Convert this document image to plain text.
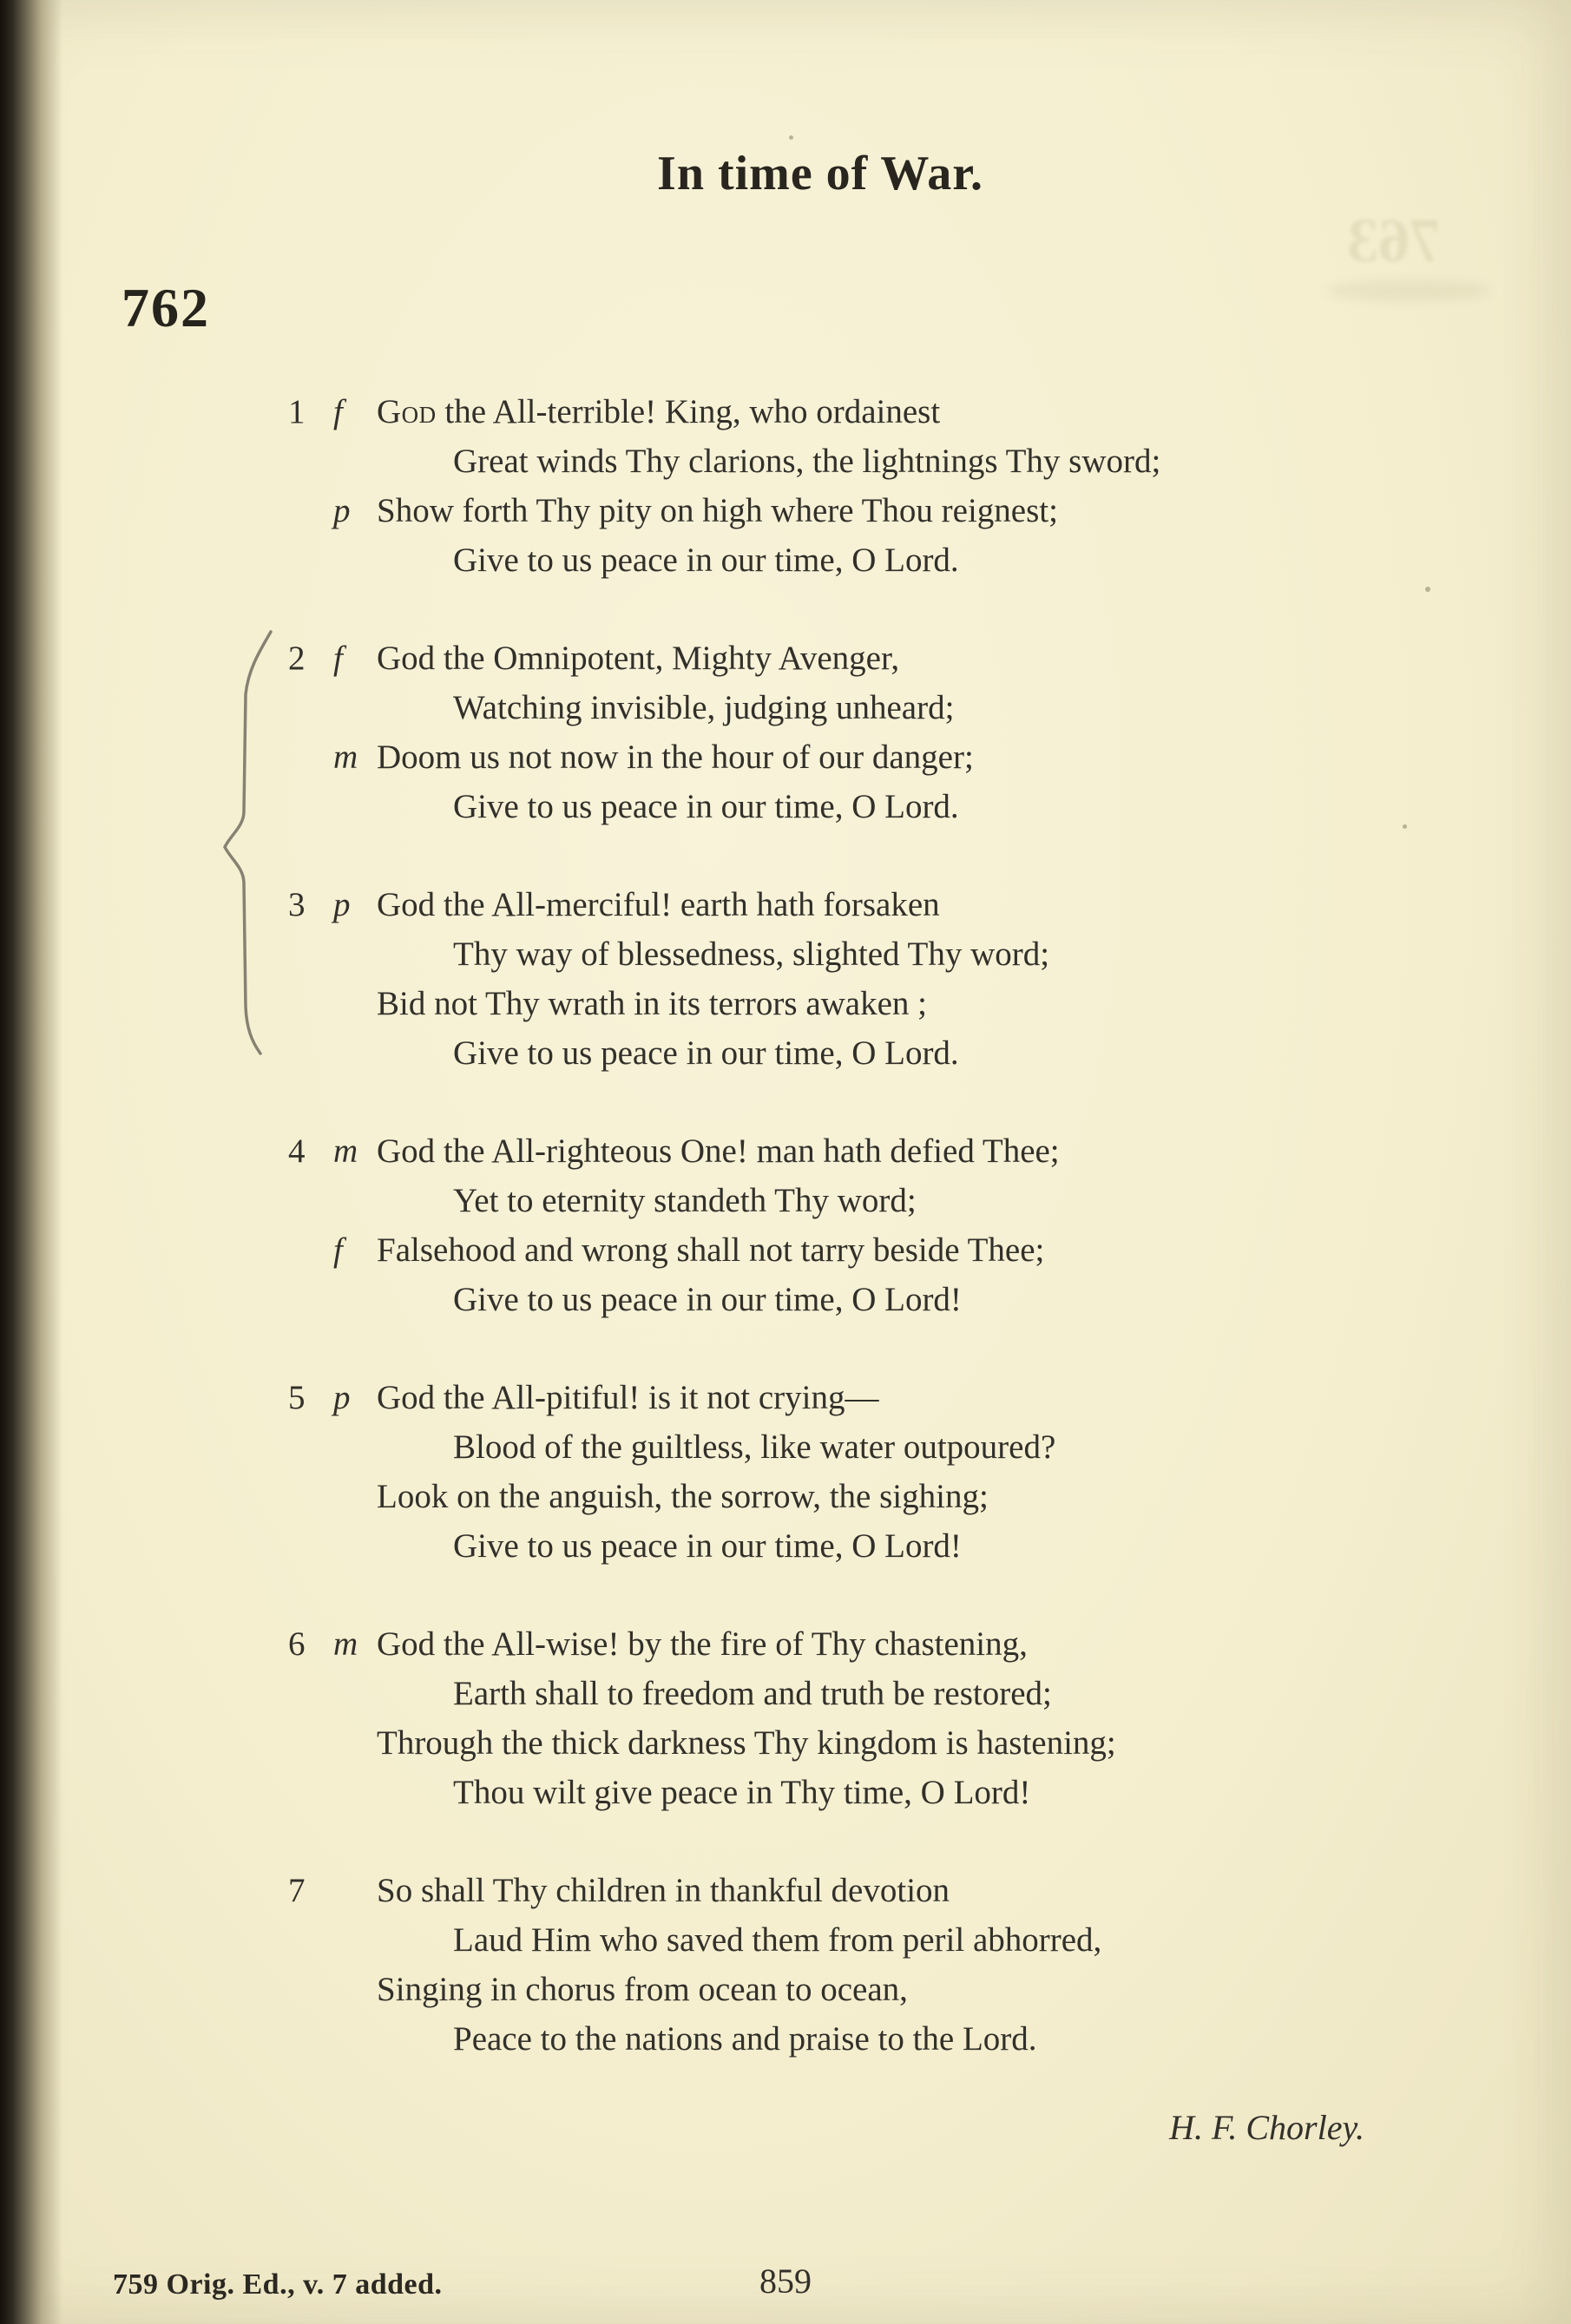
763
In time of War.
762
1 f	God the All-terrible! King, who ordainest
Great winds Thy clarions, the lightnings Thy sword;
p Show forth Thy pity on high where Thou reignest;
Give to us peace in our time, O Lord.
2 f	God the Omnipotent, Mighty Avenger,
Watching invisible, judging unheard;
m Doom us not now in the hour of our danger;
Give to us peace in our time, O Lord.
3 p God the All-merciful! earth hath forsaken
Thy way of blessedness, slighted Thy word;
Bid not Thy wrath in its terrors awaken ;
Give to us peace in our time, O Lord.
4 m God the All-righteous One! man hath defied Thee;
Yet to eternity standeth Thy word;
f	Falsehood and wrong shall not tarry beside Thee;
Give to us peace in our time, O Lord!
5 p God the All-pitiful! is it not crying—
Blood of the guiltless, like water outpoured?
Look on the anguish, the sorrow, the sighing;
Give to us peace in our time, O Lord!
6 m God the All-wise! by the fire of Thy chastening,
Earth shall to freedom and truth be restored;
Through the thick darkness Thy kingdom is hastening;
Thou wilt give peace in Thy time, O Lord!
7	So shall Thy children in thankful devotion
Laud Him who saved them from peril abhorred,
Singing in chorus from ocean to ocean,
Peace to the nations and praise to the Lord.
H. F. Chorley.
759 Orig. Ed., v. 7 added.	859
